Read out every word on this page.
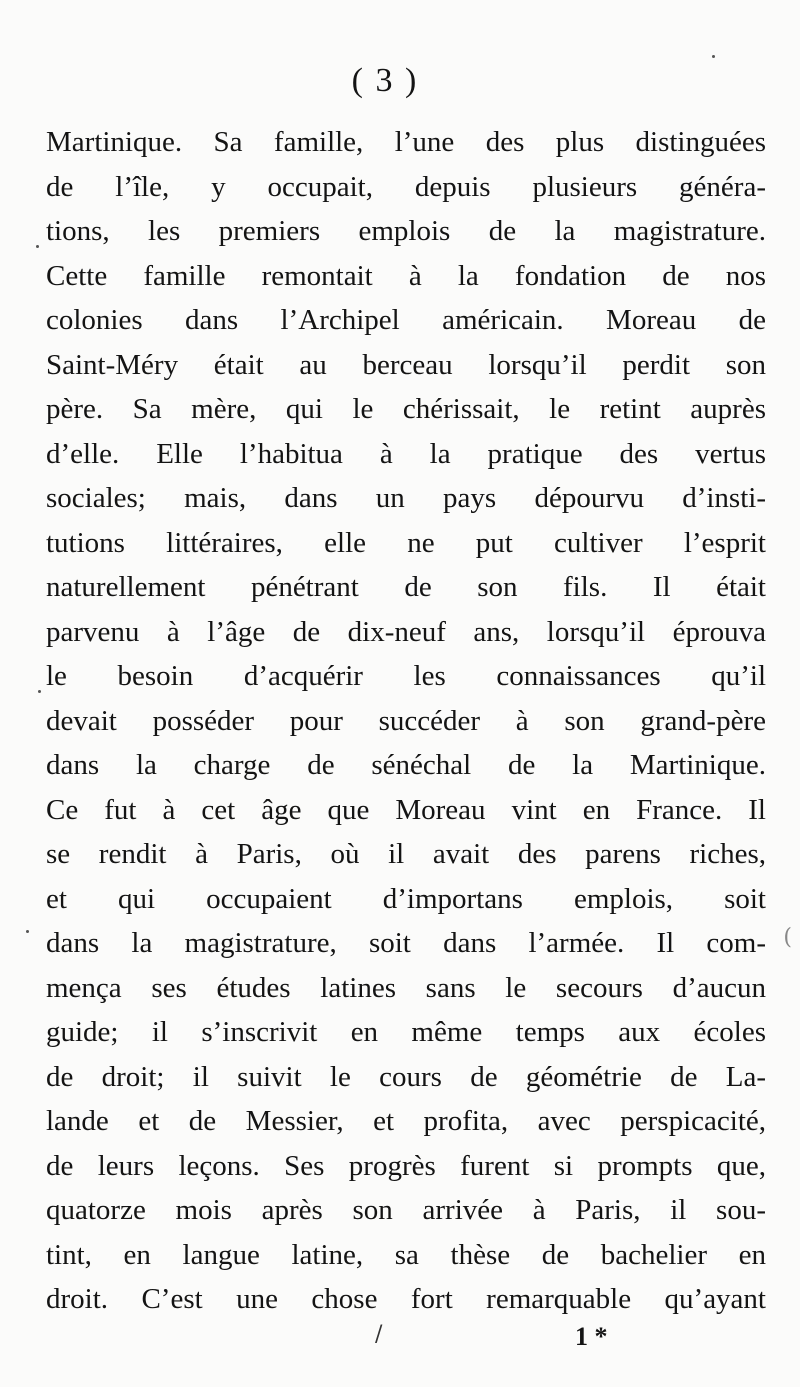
( 3 )
Martinique. Sa famille, l’une des plus distinguées
de l’île, y occupait, depuis plusieurs généra-
tions, les premiers emplois de la magistrature.
Cette famille remontait à la fondation de nos
colonies dans l’Archipel américain. Moreau de
Saint-Méry était au berceau lorsqu’il perdit son
père. Sa mère, qui le chérissait, le retint auprès
d’elle. Elle l’habitua à la pratique des vertus
sociales; mais, dans un pays dépourvu d’insti-
tutions littéraires, elle ne put cultiver l’esprit
naturellement pénétrant de son fils. Il était
parvenu à l’âge de dix-neuf ans, lorsqu’il éprouva
le besoin d’acquérir les connaissances qu’il
devait posséder pour succéder à son grand-père
dans la charge de sénéchal de la Martinique.
Ce fut à cet âge que Moreau vint en France. Il
se rendit à Paris, où il avait des parens riches,
et qui occupaient d’importans emplois, soit
dans la magistrature, soit dans l’armée. Il com-
mença ses études latines sans le secours d’aucun
guide; il s’inscrivit en même temps aux écoles
de droit; il suivit le cours de géométrie de La-
lande et de Messier, et profita, avec perspicacité,
de leurs leçons. Ses progrès furent si prompts que,
quatorze mois après son arrivée à Paris, il sou-
tint, en langue latine, sa thèse de bachelier en
droit. C’est une chose fort remarquable qu’ayant
/	1 *
(
